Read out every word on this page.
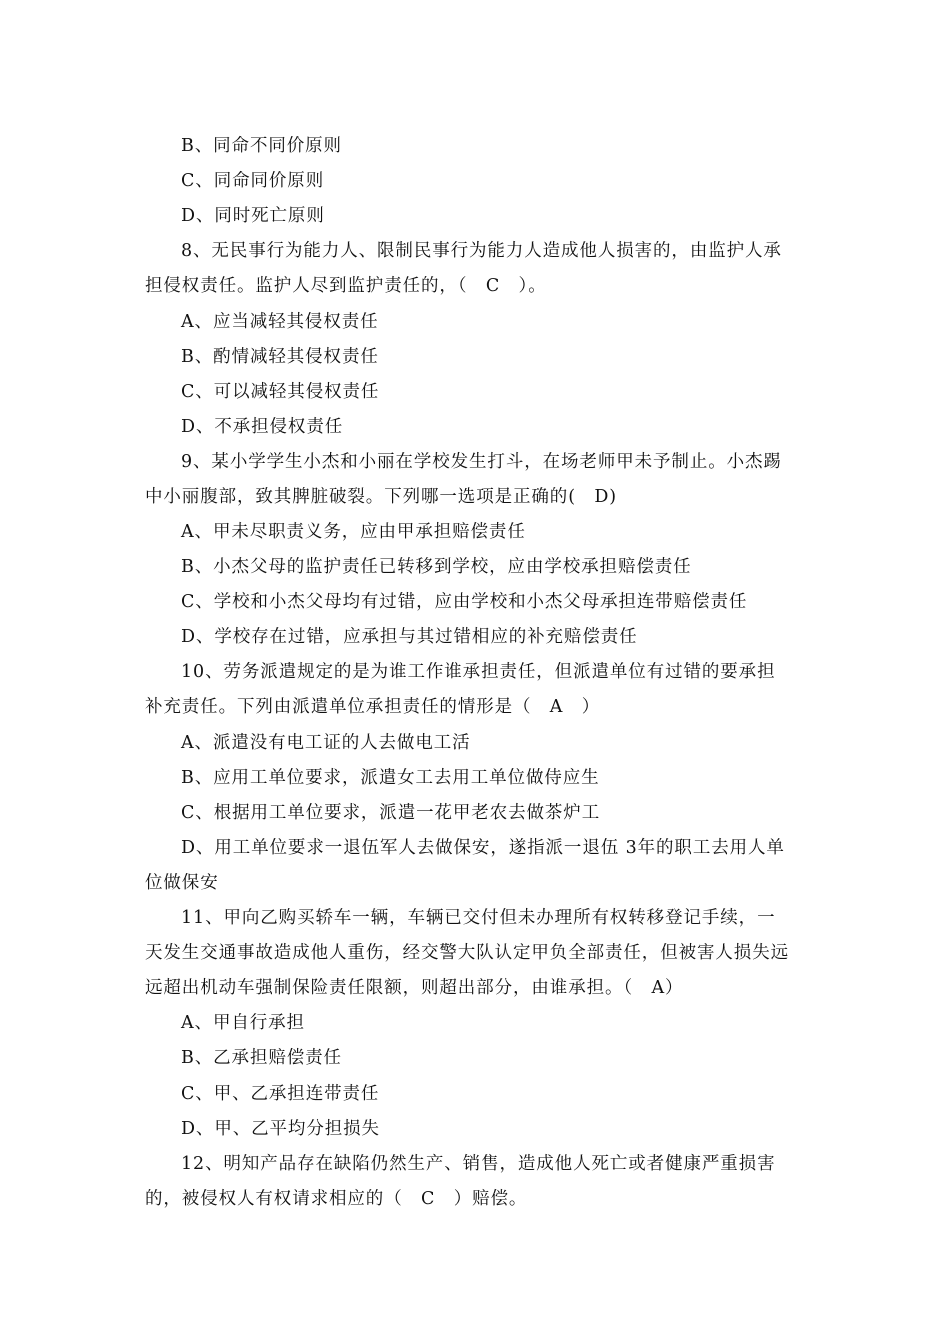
B、同命不同价原则
C、同命同价原则
D、同时死亡原则
8、无民事行为能力人、限制民事行为能力人造成他人损害的，由监护人承
担侵权责任。监护人尽到监护责任的，（　C　）。
A、应当减轻其侵权责任
B、酌情减轻其侵权责任
C、可以减轻其侵权责任
D、不承担侵权责任
9、某小学学生小杰和小丽在学校发生打斗，在场老师甲未予制止。小杰踢
中小丽腹部，致其脾脏破裂。下列哪一选项是正确的(　D)
A、甲未尽职责义务，应由甲承担赔偿责任
B、小杰父母的监护责任已转移到学校，应由学校承担赔偿责任
C、学校和小杰父母均有过错，应由学校和小杰父母承担连带赔偿责任
D、学校存在过错，应承担与其过错相应的补充赔偿责任
10、劳务派遣规定的是为谁工作谁承担责任，但派遣单位有过错的要承担
补充责任。下列由派遣单位承担责任的情形是（　A　）
A、派遣没有电工证的人去做电工活
B、应用工单位要求，派遣女工去用工单位做侍应生
C、根据用工单位要求，派遣一花甲老农去做茶炉工
D、用工单位要求一退伍军人去做保安，遂指派一退伍 3年的职工去用人单
位做保安
11、甲向乙购买轿车一辆，车辆已交付但未办理所有权转移登记手续，一
天发生交通事故造成他人重伤，经交警大队认定甲负全部责任，但被害人损失远
远超出机动车强制保险责任限额，则超出部分，由谁承担。（　A）
A、甲自行承担
B、乙承担赔偿责任
C、甲、乙承担连带责任
D、甲、乙平均分担损失
12、明知产品存在缺陷仍然生产、销售，造成他人死亡或者健康严重损害
的，被侵权人有权请求相应的（　C　）赔偿。
